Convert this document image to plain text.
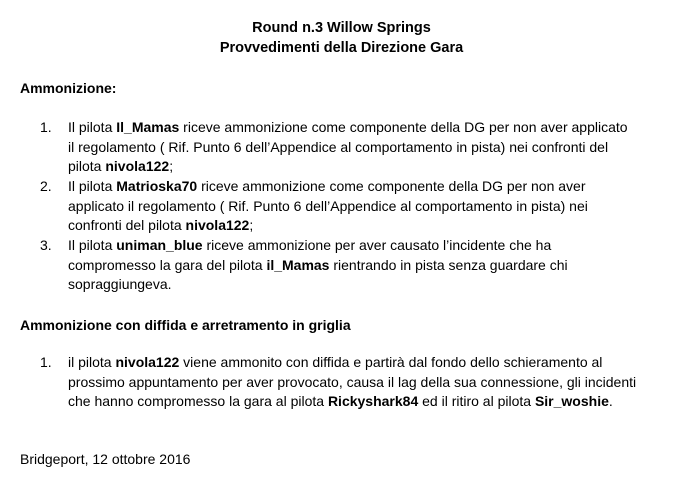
Round n.3 Willow Springs
Provvedimenti della Direzione Gara
Ammonizione:
1.	Il pilota Il_Mamas riceve ammonizione come componente della DG per non aver applicato
il regolamento ( Rif. Punto 6 dell’Appendice al comportamento in pista) nei confronti del
pilota nivola122;
2.	Il pilota Matrioska70 riceve ammonizione come componente della DG per non aver
applicato il regolamento ( Rif. Punto 6 dell’Appendice al comportamento in pista) nei
confronti del pilota nivola122;
3.	Il pilota uniman_blue riceve ammonizione per aver causato l’incidente che ha
compromesso la gara del pilota il_Mamas rientrando in pista senza guardare chi
sopraggiungeva.
Ammonizione con diffida e arretramento in griglia
1.	il pilota nivola122 viene ammonito con diffida e partirà dal fondo dello schieramento al
prossimo appuntamento per aver provocato, causa il lag della sua connessione, gli incidenti
che hanno compromesso la gara al pilota Rickyshark84 ed il ritiro al pilota Sir_woshie.
Bridgeport, 12 ottobre 2016
